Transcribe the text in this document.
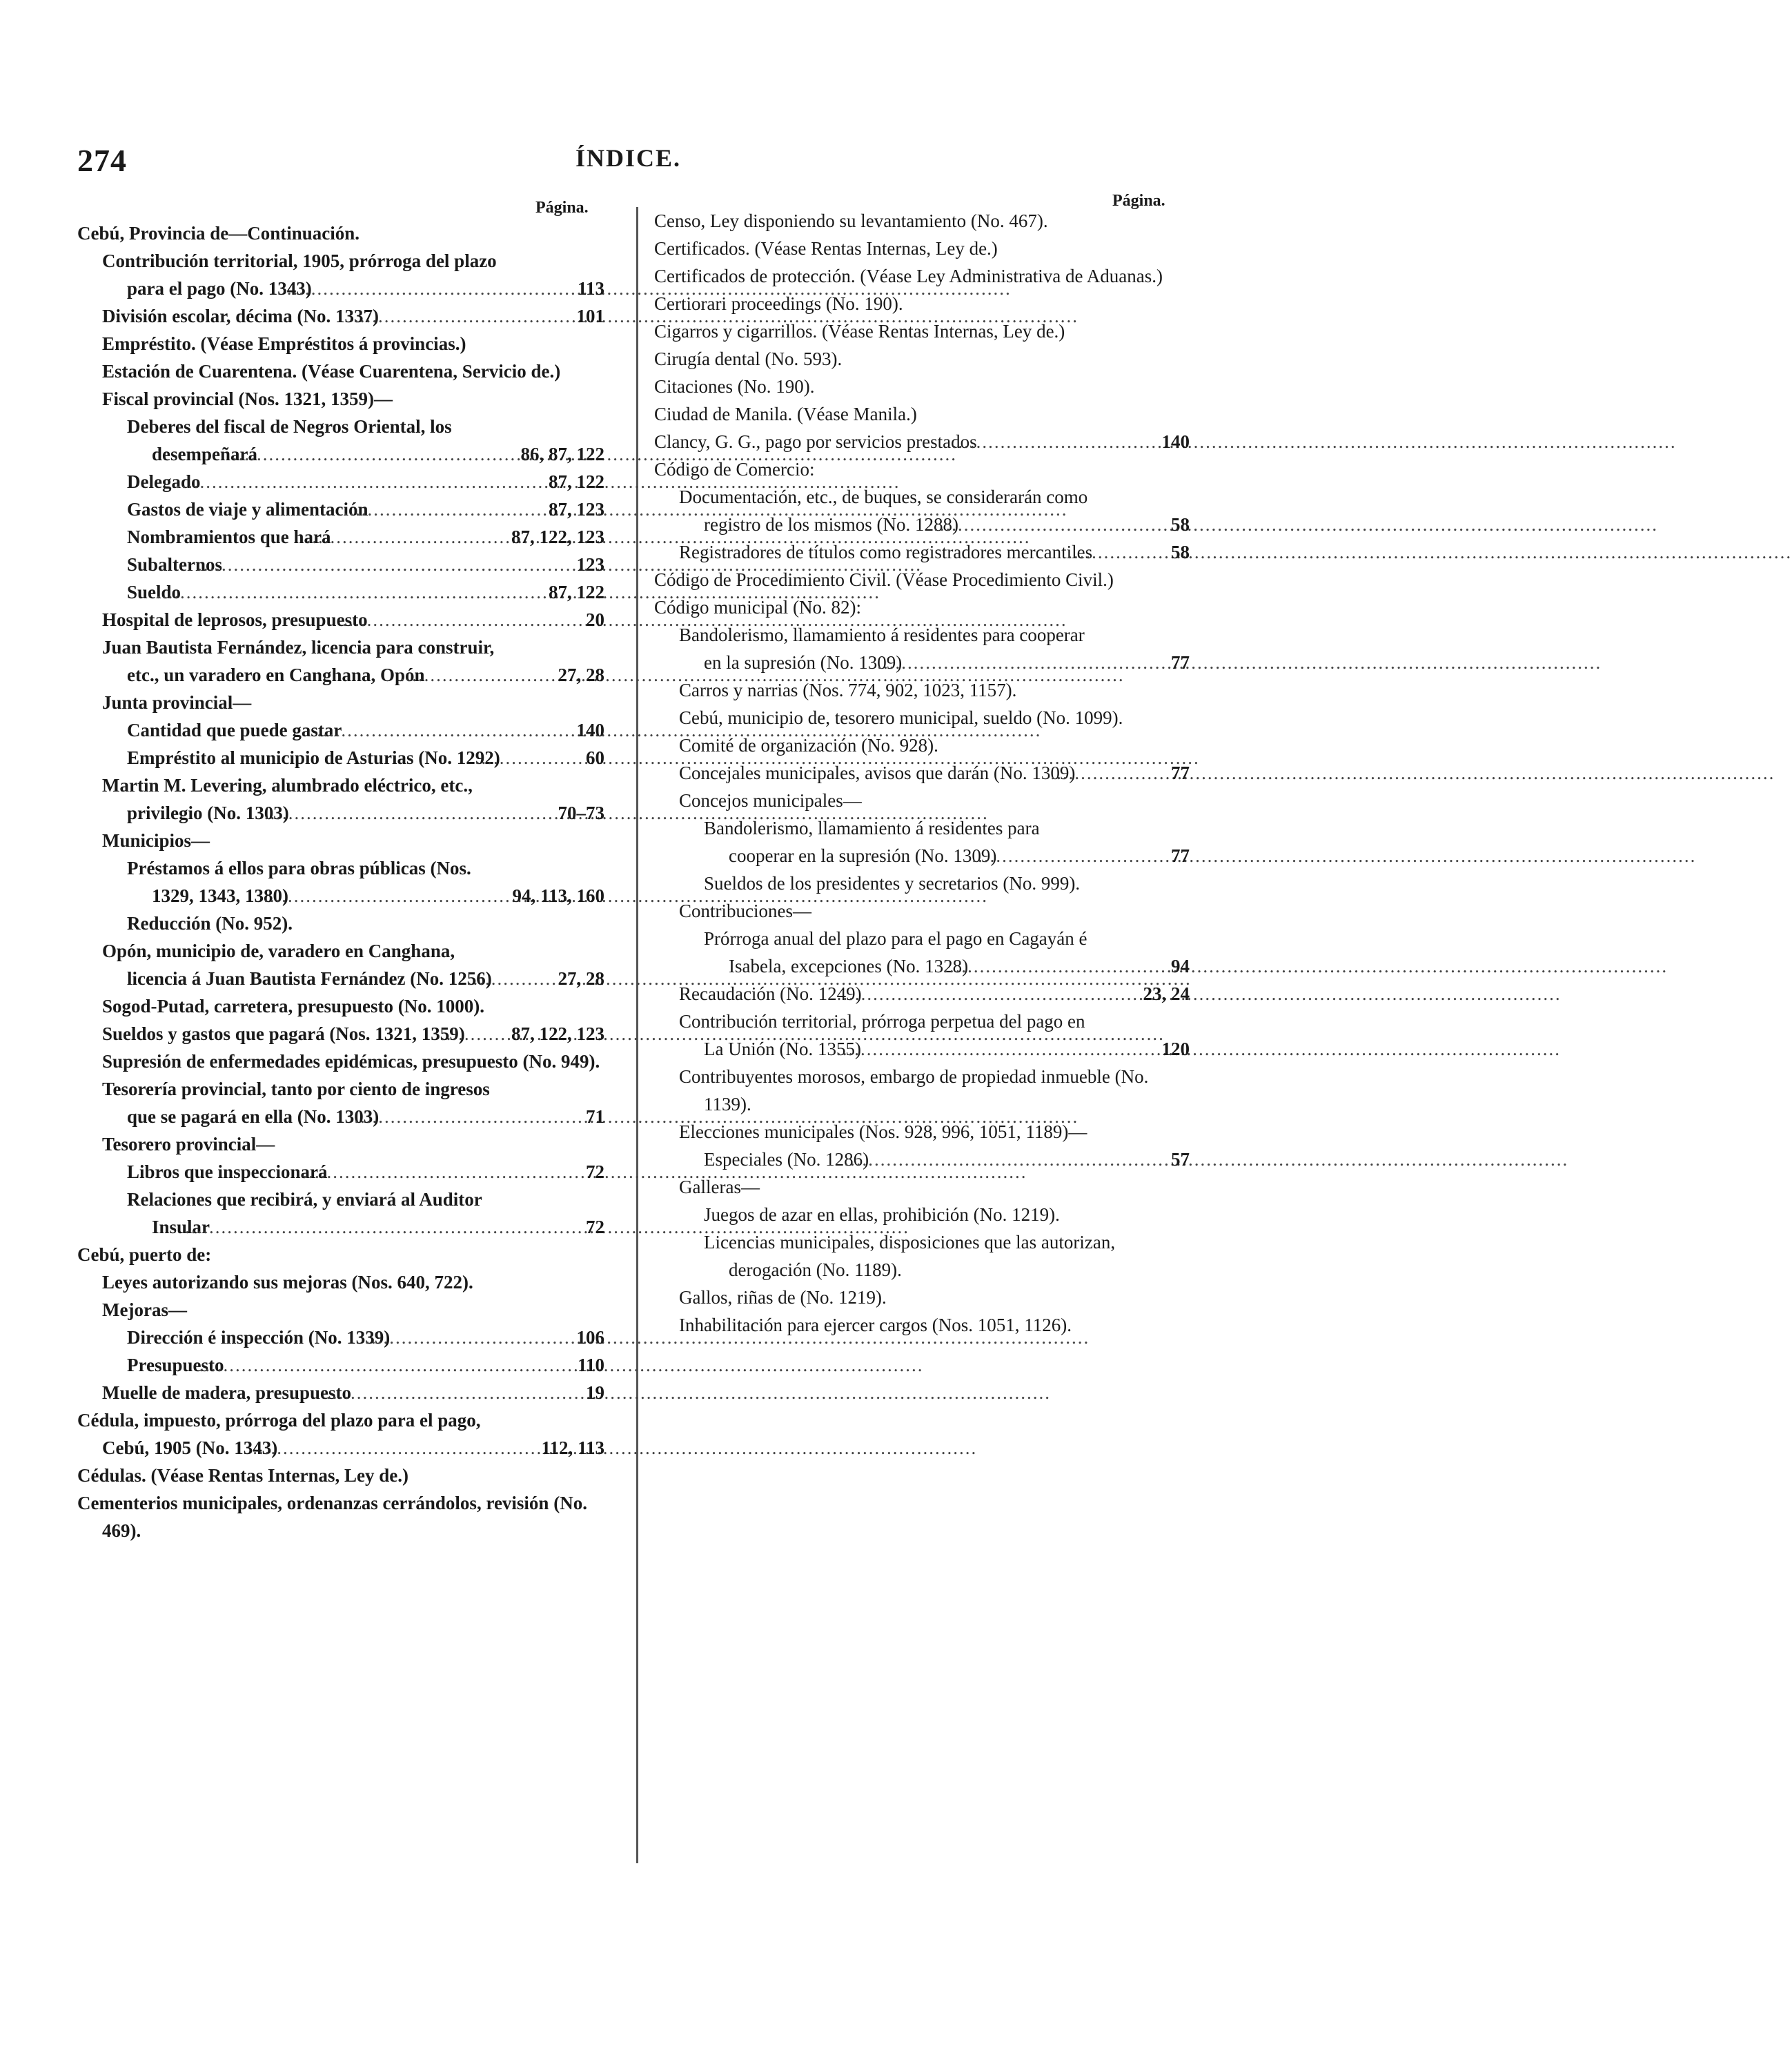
274	ÍNDICE.
Página.	Página.
Cebú, Provincia de—Continuación.
Contribución territorial, 1905, prórroga del plazo para el pago (No. 1343) .....	113
División escolar, décima (No. 1337) .....	101
Empréstito. (Véase Empréstitos á provincias.)
Estación de Cuarentena. (Véase Cuarentena, Servicio de.)
Fiscal provincial (Nos. 1321, 1359)—
Deberes del fiscal de Negros Oriental, los desempeñará .....	86, 87, 122
Delegado .....	87, 122
Gastos de viaje y alimentación .....	87, 123
Nombramientos que hará .....	87, 122, 123
Subalternos .....	123
Sueldo .....	87, 122
Hospital de leprosos, presupuesto .....	20
Juan Bautista Fernández, licencia para construir, etc., un varadero en Canghana, Opón .....	27, 28
Junta provincial—
Cantidad que puede gastar .....	140
Empréstito al municipio de Asturias (No. 1292) .....	60
Martin M. Levering, alumbrado eléctrico, etc., privilegio (No. 1303) .....	70–73
Municipios—
Préstamos á ellos para obras públicas (Nos. 1329, 1343, 1380) .....	94, 113, 160
Reducción (No. 952).
Opón, municipio de, varadero en Canghana, licencia á Juan Bautista Fernández (No. 1256) .....	27, 28
Sogod-Putad, carretera, presupuesto (No. 1000).
Sueldos y gastos que pagará (Nos. 1321, 1359) .....	87, 122, 123
Supresión de enfermedades epidémicas, presupuesto (No. 949).
Tesorería provincial, tanto por ciento de ingresos que se pagará en ella (No. 1303) .....	71
Tesorero provincial—
Libros que inspeccionará .....	72
Relaciones que recibirá, y enviará al Auditor Insular .....	72
Cebú, puerto de:
Leyes autorizando sus mejoras (Nos. 640, 722).
Mejoras—
Dirección é inspección (No. 1339) .....	106
Presupuesto .....	110
Muelle de madera, presupuesto .....	19
Cédula, impuesto, prórroga del plazo para el pago, Cebú, 1905 (No. 1343) .....	112, 113
Cédulas. (Véase Rentas Internas, Ley de.)
Cementerios municipales, ordenanzas cerrándolos, revisión (No. 469).
Censo, Ley disponiendo su levantamiento (No. 467).
Certificados. (Véase Rentas Internas, Ley de.)
Certificados de protección. (Véase Ley Administrativa de Aduanas.)
Certiorari proceedings (No. 190).
Cigarros y cigarrillos. (Véase Rentas Internas, Ley de.)
Cirugía dental (No. 593).
Citaciones (No. 190).
Ciudad de Manila. (Véase Manila.)
Clancy, G. G., pago por servicios prestados .....	140
Código de Comercio:
Documentación, etc., de buques, se considerarán como registro de los mismos (No. 1288) .....	58
Registradores de títulos como registradores mercantiles .....	58
Código de Procedimiento Civil. (Véase Procedimiento Civil.)
Código municipal (No. 82):
Bandolerismo, llamamiento á residentes para cooperar en la supresión (No. 1309) .....	77
Carros y narrias (Nos. 774, 902, 1023, 1157).
Cebú, municipio de, tesorero municipal, sueldo (No. 1099).
Comité de organización (No. 928).
Concejales municipales, avisos que darán (No. 1309) .....	77
Concejos municipales—
Bandolerismo, llamamiento á residentes para cooperar en la supresión (No. 1309) .....	77
Sueldos de los presidentes y secretarios (No. 999).
Contribuciones—
Prórroga anual del plazo para el pago en Cagayán é Isabela, excepciones (No. 1328) .....	94
Recaudación (No. 1249) .....	23, 24
Contribución territorial, prórroga perpetua del pago en La Unión (No. 1355) .....	120
Contribuyentes morosos, embargo de propiedad inmueble (No. 1139).
Elecciones municipales (Nos. 928, 996, 1051, 1189)—
Especiales (No. 1286) .....	57
Galleras—
Juegos de azar en ellas, prohibición (No. 1219).
Licencias municipales, disposiciones que las autorizan, derogación (No. 1189).
Gallos, riñas de (No. 1219).
Inhabilitación para ejercer cargos (Nos. 1051, 1126).
